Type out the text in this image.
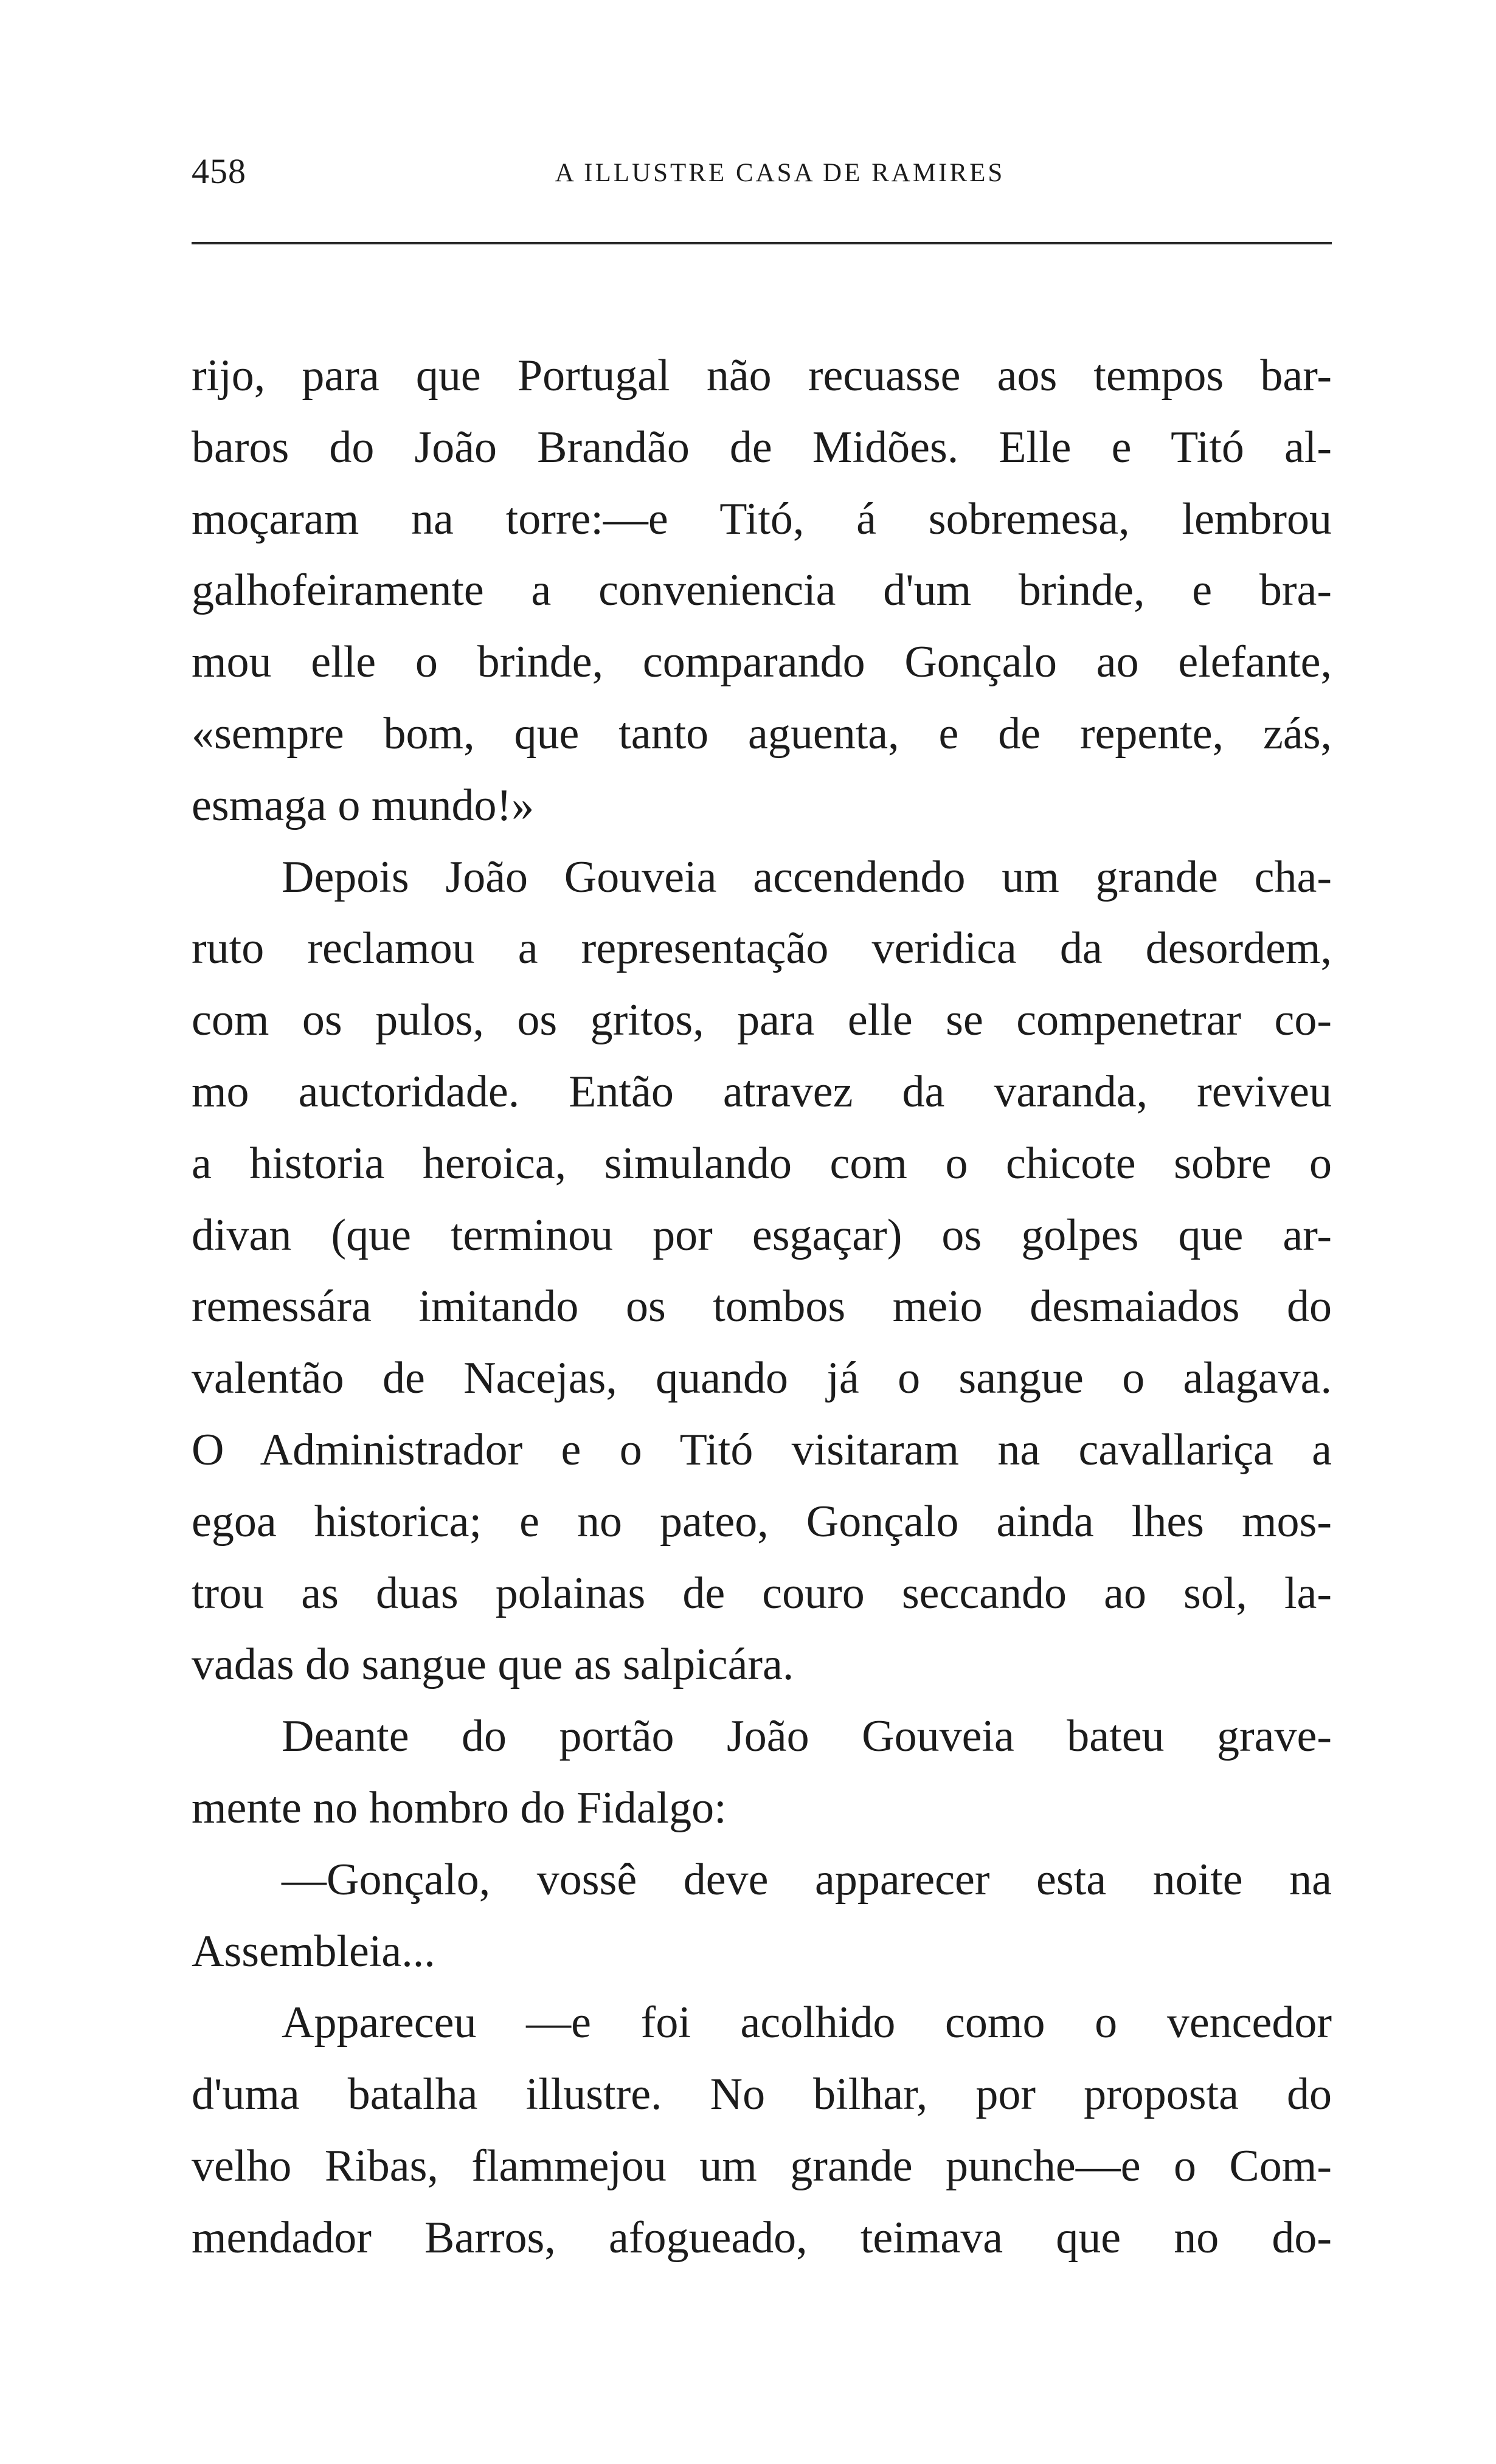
458	A ILLUSTRE CASA DE RAMIRES
rijo, para que Portugal não recuasse aos tempos bar-
baros do João Brandão de Midões. Elle e Titó al-
moçaram na torre:—e Titó, á sobremesa, lembrou
galhofeiramente a conveniencia d'um brinde, e bra-
mou elle o brinde, comparando Gonçalo ao elefante,
«sempre bom, que tanto aguenta, e de repente, zás,
esmaga o mundo!»
Depois João Gouveia accendendo um grande cha-
ruto reclamou a representação veridica da desordem,
com os pulos, os gritos, para elle se compenetrar co-
mo auctoridade. Então atravez da varanda, reviveu
a historia heroica, simulando com o chicote sobre o
divan (que terminou por esgaçar) os golpes que ar-
remessára imitando os tombos meio desmaiados do
valentão de Nacejas, quando já o sangue o alagava.
O Administrador e o Titó visitaram na cavallariça a
egoa historica; e no pateo, Gonçalo ainda lhes mos-
trou as duas polainas de couro seccando ao sol, la-
vadas do sangue que as salpicára.
Deante do portão João Gouveia bateu grave-
mente no hombro do Fidalgo:
—Gonçalo, vossê deve apparecer esta noite na
Assembleia...
Appareceu —e foi acolhido como o vencedor
d'uma batalha illustre. No bilhar, por proposta do
velho Ribas, flammejou um grande punche—e o Com-
mendador Barros, afogueado, teimava que no do-
